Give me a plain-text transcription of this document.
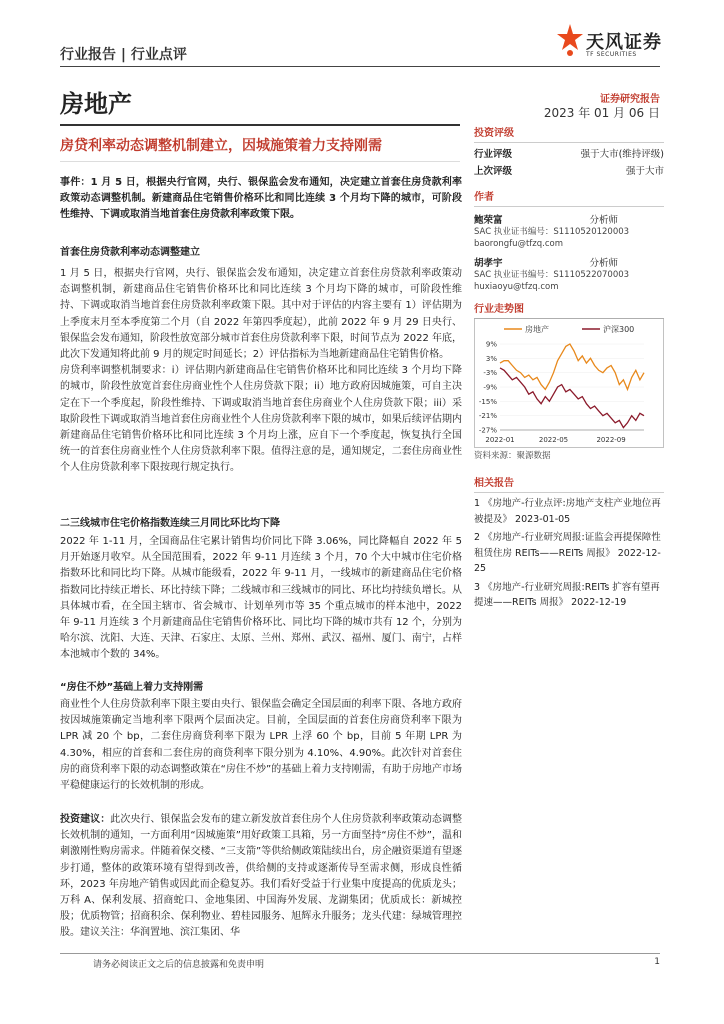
行业报告 | 行业点评
天风证券
TF SECURITIES
房地产	证券研究报告
2023 年 01 月 06 日
房贷利率动态调整机制建立，因城施策着力支持刚需

事件：1 月 5 日，根据央行官网，央行、银保监会发布通知，决定建立首套住房贷款利率政策动态调整机制。新建商品住宅销售价格环比和同比连续 3 个月均下降的城市，可阶段性维持、下调或取消当地首套住房贷款利率政策下限。

首套住房贷款利率动态调整建立

1 月 5 日，根据央行官网，央行、银保监会发布通知，决定建立首套住房贷款利率政策动态调整机制，新建商品住宅销售价格环比和同比连续 3 个月均下降的城市，可阶段性维持、下调或取消当地首套住房贷款利率政策下限。其中对于评估的内容主要有 1）评估期为上季度末月至本季度第二个月（自 2022 年第四季度起），此前 2022 年 9 月 29 日央行、银保监会发布通知，阶段性放宽部分城市首套住房贷款利率下限，时间节点为 2022 年底，此次下发通知将此前 9 月的规定时间延长；2）评估指标为当地新建商品住宅销售价格。

房贷利率调整机制要求：i）评估期内新建商品住宅销售价格环比和同比连续 3 个月均下降的城市，阶段性放宽首套住房商业性个人住房贷款下限；ii）地方政府因城施策，可自主决定在下一个季度起，阶段性维持、下调或取消当地首套住房商业个人住房贷款下限；iii）采取阶段性下调或取消当地首套住房商业性个人住房贷款利率下限的城市，如果后续评估期内新建商品住宅销售价格环比和同比连续 3 个月均上涨，应自下一个季度起，恢复执行全国统一的首套住房商业性个人住房贷款利率下限。值得注意的是，通知规定，二套住房商业性个人住房贷款利率下限按现行规定执行。

二三线城市住宅价格指数连续三月同比环比均下降

2022 年 1-11 月，全国商品住宅累计销售均价同比下降 3.06%，同比降幅自 2022 年 5 月开始逐月收窄。从全国范围看，2022 年 9-11 月连续 3 个月，70 个大中城市住宅价格指数环比和同比均下降。从城市能级看，2022 年 9-11 月，一线城市的新建商品住宅价格指数同比持续正增长、环比持续下降；二线城市和三线城市的同比、环比均持续负增长。从具体城市看，在全国主辖市、省会城市、计划单列市等 35 个重点城市的样本池中，2022 年 9-11 月连续 3 个月新建商品住宅销售价格环比、同比均下降的城市共有 12 个，分别为哈尔滨、沈阳、大连、天津、石家庄、太原、兰州、郑州、武汉、福州、厦门、南宁，占样本池城市个数的 34%。

“房住不炒”基础上着力支持刚需

商业性个人住房贷款利率下限主要由央行、银保监会确定全国层面的利率下限、各地方政府按因城施策确定当地利率下限两个层面决定。目前，全国层面的首套住房商贷利率下限为 LPR 减 20 个 bp，二套住房商贷利率下限为 LPR 上浮 60 个 bp，目前 5 年期 LPR 为 4.30%，相应的首套和二套住房的商贷利率下限分别为 4.10%、4.90%。此次针对首套住房的商贷利率下限的动态调整政策在“房住不炒”的基础上着力支持刚需，有助于房地产市场平稳健康运行的长效机制的形成。

投资建议：此次央行、银保监会发布的建立新发放首套住房个人住房贷款利率政策动态调整长效机制的通知，一方面利用“因城施策”用好政策工具箱，另一方面坚持“房住不炒”，温和刺激刚性购房需求。伴随着保交楼、“三支箭”等供给侧政策陆续出台，房企融资渠道有望逐步打通，整体的政策环境有望得到改善，供给侧的支持或逐渐传导至需求侧，形成良性循环，2023 年房地产销售或因此而企稳复苏。我们看好受益于行业集中度提高的优质龙头；万科 A、保利发展、招商蛇口、金地集团、中国海外发展、龙湖集团；优质成长：新城控股；优质物管；招商积余、保利物业、碧桂园服务、旭辉永升服务；龙头代建：绿城管理控股。建议关注：华润置地、滨江集团、华

投资评级
行业评级	强于大市(维持评级)
上次评级	强于大市
作者
鲍荣富	分析师
SAC 执业证书编号：S1110520120003
baorongfu@tfzq.com
胡孝宇	分析师
SAC 执业证书编号：S1110522070003
huxiaoyu@tfzq.com
行业走势图
房地产	沪深300
9%
3%
-3%
-9%
-15%
-21%
-27%
2022-01	2022-05	2022-09
资料来源：聚源数据
相关报告
1 《房地产-行业点评:房地产支柱产业地位再被提及》 2023-01-05
2 《房地产-行业研究周报:证监会再提保障性租赁住房 REITs——REITs 周报》 2022-12-25
3 《房地产-行业研究周报:REITs 扩容有望再提速——REITs 周报》 2022-12-19
请务必阅读正文之后的信息披露和免责申明	1
